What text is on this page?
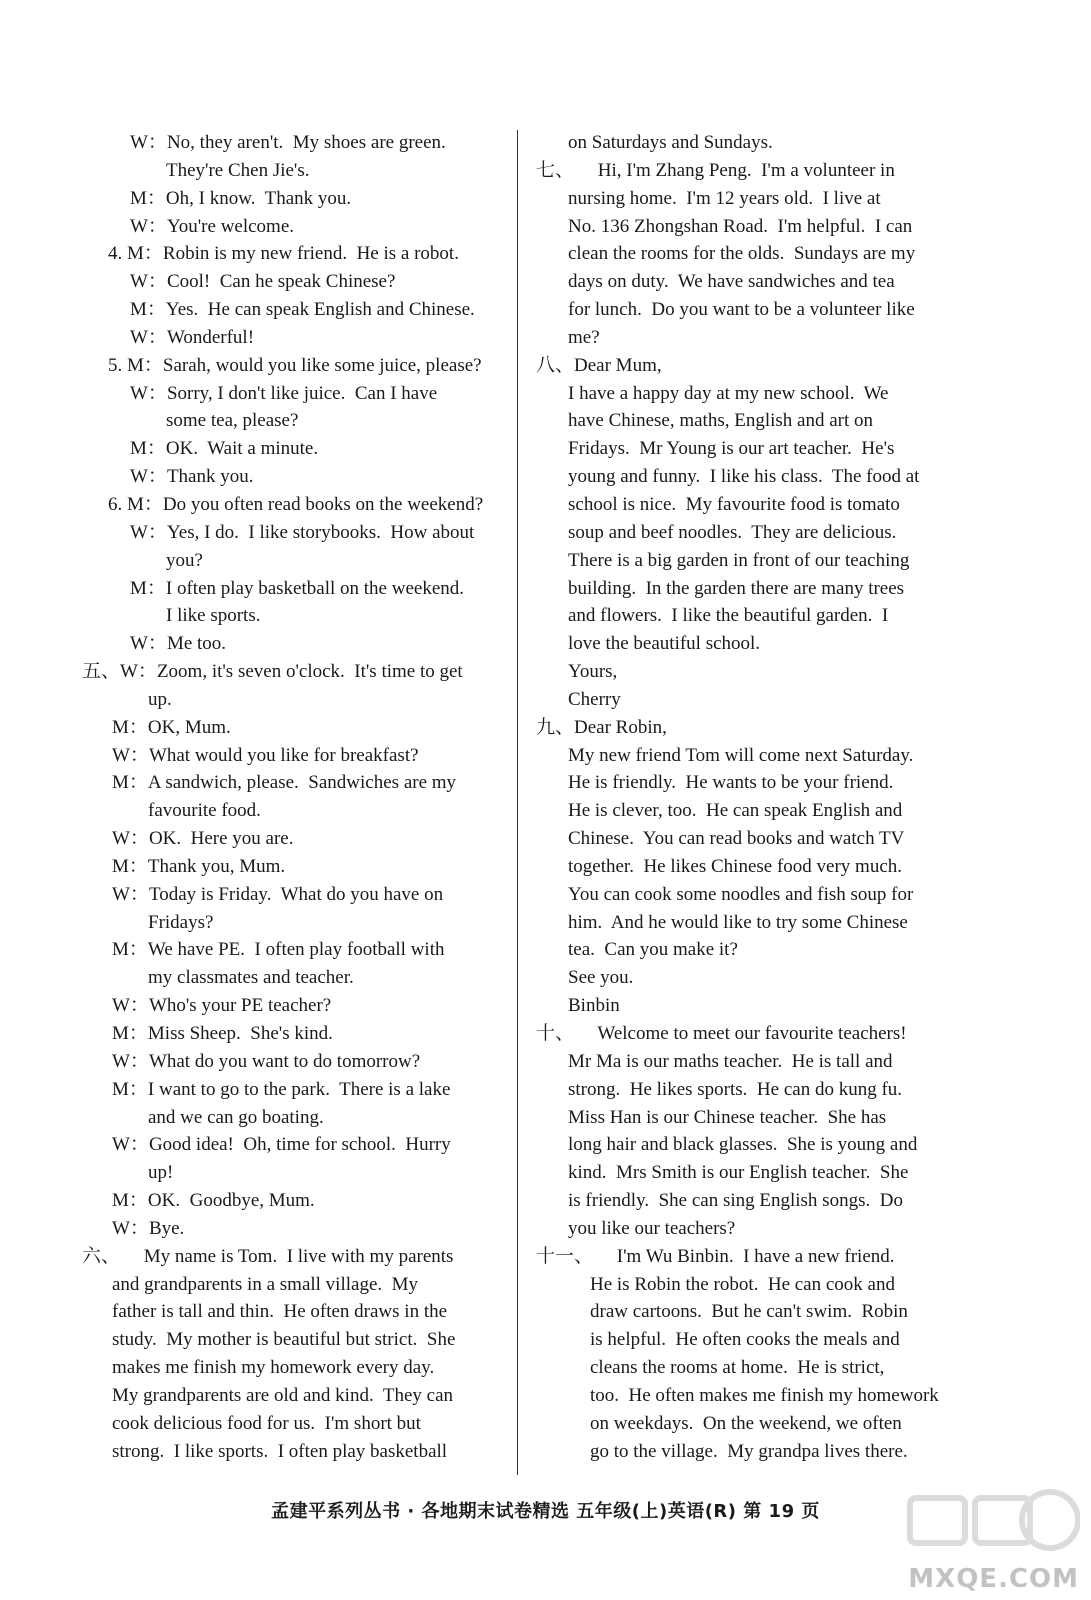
W：No, they aren't.  My shoes are green.
They're Chen Jie's.
M：Oh, I know.  Thank you.
W：You're welcome.
4. M：Robin is my new friend.  He is a robot.
W：Cool!  Can he speak Chinese?
M：Yes.  He can speak English and Chinese.
W：Wonderful!
5. M：Sarah, would you like some juice, please?
W：Sorry, I don't like juice.  Can I have
some tea, please?
M：OK.  Wait a minute.
W：Thank you.
6. M：Do you often read books on the weekend?
W：Yes, I do.  I like storybooks.  How about
you?
M：I often play basketball on the weekend.
I like sports.
W：Me too.
五、W：Zoom, it's seven o'clock.  It's time to get
up.
M：OK, Mum.
W：What would you like for breakfast?
M：A sandwich, please.  Sandwiches are my
favourite food.
W：OK.  Here you are.
M：Thank you, Mum.
W：Today is Friday.  What do you have on
Fridays?
M：We have PE.  I often play football with
my classmates and teacher.
W：Who's your PE teacher?
M：Miss Sheep.  She's kind.
W：What do you want to do tomorrow?
M：I want to go to the park.  There is a lake
and we can go boating.
W：Good idea!  Oh, time for school.  Hurry
up!
M：OK.  Goodbye, Mum.
W：Bye.
六、     My name is Tom.  I live with my parents
and grandparents in a small village.  My
father is tall and thin.  He often draws in the
study.  My mother is beautiful but strict.  She
makes me finish my homework every day.
My grandparents are old and kind.  They can
cook delicious food for us.  I'm short but
strong.  I like sports.  I often play basketball
on Saturdays and Sundays.
七、     Hi, I'm Zhang Peng.  I'm a volunteer in
nursing home.  I'm 12 years old.  I live at
No. 136 Zhongshan Road.  I'm helpful.  I can
clean the rooms for the olds.  Sundays are my
days on duty.  We have sandwiches and tea
for lunch.  Do you want to be a volunteer like
me?
八、Dear Mum,
I have a happy day at my new school.  We
have Chinese, maths, English and art on
Fridays.  Mr Young is our art teacher.  He's
young and funny.  I like his class.  The food at
school is nice.  My favourite food is tomato
soup and beef noodles.  They are delicious.
There is a big garden in front of our teaching
building.  In the garden there are many trees
and flowers.  I like the beautiful garden.  I
love the beautiful school.
Yours,
Cherry
九、Dear Robin,
My new friend Tom will come next Saturday.
He is friendly.  He wants to be your friend.
He is clever, too.  He can speak English and
Chinese.  You can read books and watch TV
together.  He likes Chinese food very much.
You can cook some noodles and fish soup for
him.  And he would like to try some Chinese
tea.  Can you make it?
See you.
Binbin
十、     Welcome to meet our favourite teachers!
Mr Ma is our maths teacher.  He is tall and
strong.  He likes sports.  He can do kung fu.
Miss Han is our Chinese teacher.  She has
long hair and black glasses.  She is young and
kind.  Mrs Smith is our English teacher.  She
is friendly.  She can sing English songs.  Do
you like our teachers?
十一、     I'm Wu Binbin.  I have a new friend.
He is Robin the robot.  He can cook and
draw cartoons.  But he can't swim.  Robin
is helpful.  He often cooks the meals and
cleans the rooms at home.  He is strict,
too.  He often makes me finish my homework
on weekdays.  On the weekend, we often
go to the village.  My grandpa lives there.
孟建平系列丛书 · 各地期末试卷精选 五年级(上)英语(R) 第 19 页
MXQE.COM
